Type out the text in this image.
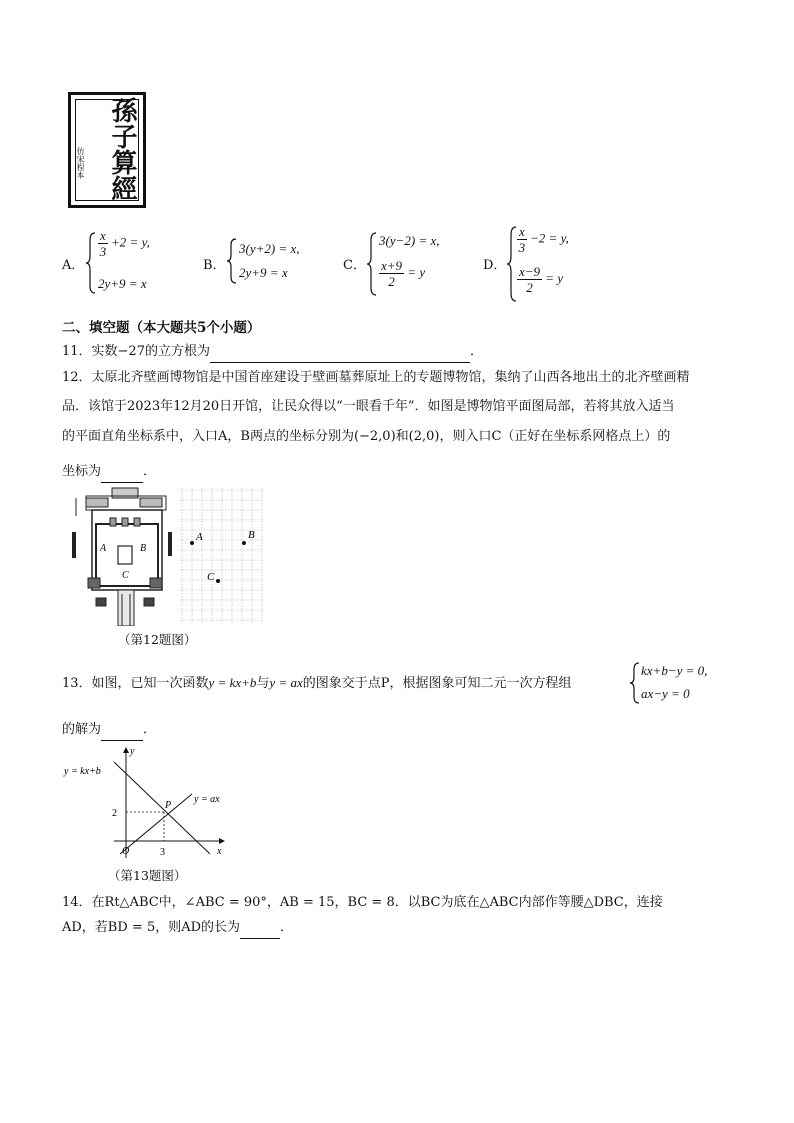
孫子算經
仿宋程本
A．
$\frac{x}{3} +2 = y$,
2y+9 = x
B．
3(y+2) = x,
2y+9 = x	C．
3(y−2) = x,
$\frac{x+9}{2} = y$	D．
$\frac{x}{3} -2 = y$,
$\frac{x-9}{2} = y$
二、填空题（本大题共5个小题）
11．实数−27的立方根为	．
12．太原北齐壁画博物馆是中国首座建设于壁画墓葬原址上的专题博物馆，集纳了山西各地出土的北齐壁画精
品．该馆于2023年12月20日开馆，让民众得以“一眼看千年”．如图是博物馆平面图局部，若将其放入适当
的平面直角坐标系中，入口A，B两点的坐标分别为(−2,0)和(2,0)，则入口C（正好在坐标系网格点上）的
坐标为	．
A	B
C
A	B
C
（第12题图）
13．如图，已知一次函数y = kx+b与y = ax的图象交于点P，根据图象可知二元一次方程组
kx+b−y = 0,
ax−y = 0
的解为	．
y = kx+b
y = ax
P
x
y
O	3
2
（第13题图）
14．在Rt△ABC中，∠ABC = 90°，AB = 15，BC = 8．以BC为底在△ABC内部作等腰△DBC，连接
AD，若BD = 5，则AD的长为	．
